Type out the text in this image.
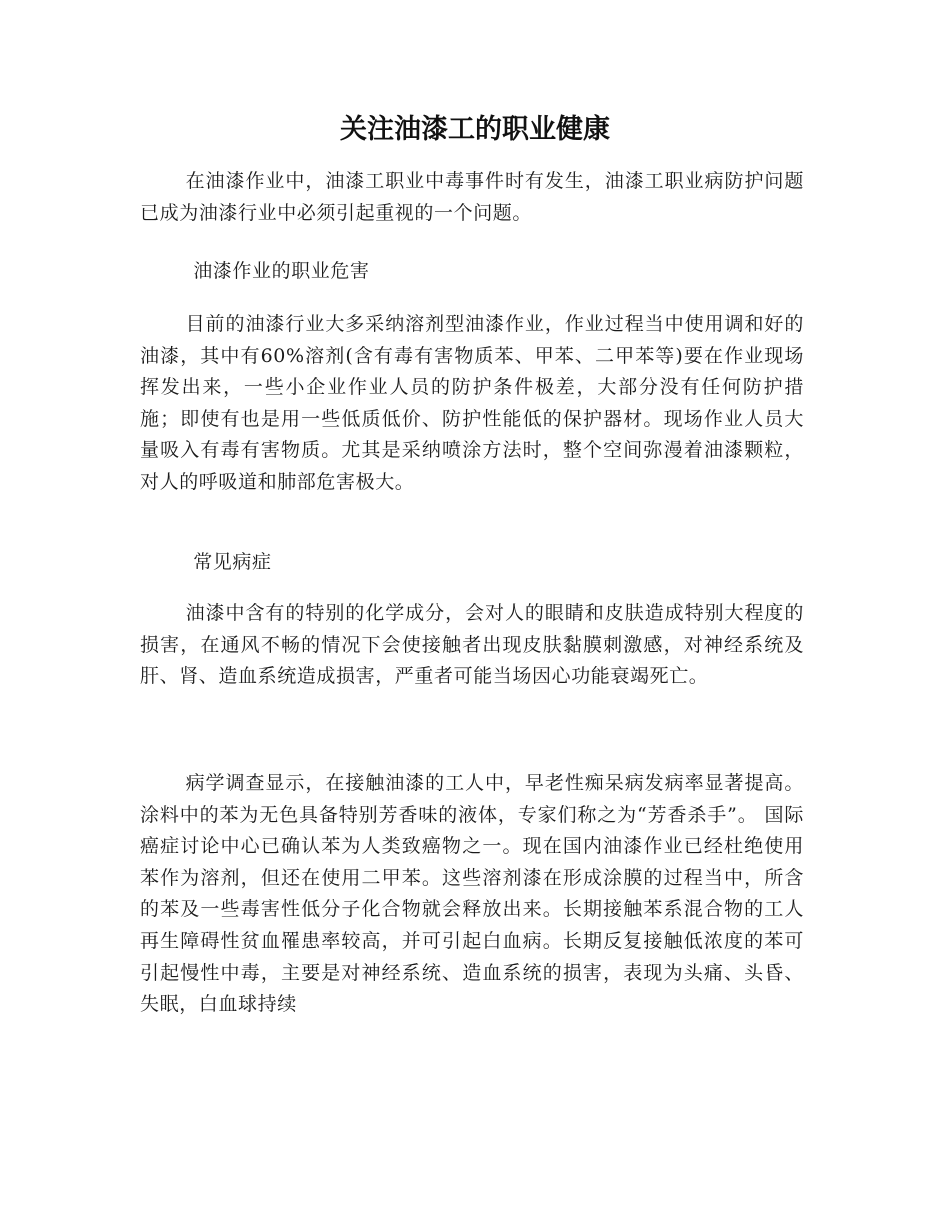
关注油漆工的职业健康

在油漆作业中，油漆工职业中毒事件时有发生，油漆工职业病防护问题已成为油漆行业中必须引起重视的一个问题。

油漆作业的职业危害

目前的油漆行业大多采纳溶剂型油漆作业，作业过程当中使用调和好的油漆，其中有60%溶剂(含有毒有害物质苯、甲苯、二甲苯等)要在作业现场挥发出来，一些小企业作业人员的防护条件极差，大部分没有任何防护措施；即使有也是用一些低质低价、防护性能低的保护器材。现场作业人员大量吸入有毒有害物质。尤其是采纳喷涂方法时，整个空间弥漫着油漆颗粒，对人的呼吸道和肺部危害极大。

常见病症

油漆中含有的特别的化学成分，会对人的眼睛和皮肤造成特别大程度的损害，在通风不畅的情况下会使接触者出现皮肤黏膜刺激感，对神经系统及肝、肾、造血系统造成损害，严重者可能当场因心功能衰竭死亡。

病学调查显示，在接触油漆的工人中，早老性痴呆病发病率显著提高。涂料中的苯为无色具备特别芳香味的液体，专家们称之为“芳香杀手”。 国际癌症讨论中心已确认苯为人类致癌物之一。现在国内油漆作业已经杜绝使用苯作为溶剂，但还在使用二甲苯。这些溶剂漆在形成涂膜的过程当中，所含的苯及一些毒害性低分子化合物就会释放出来。长期接触苯系混合物的工人再生障碍性贫血罹患率较高，并可引起白血病。长期反复接触低浓度的苯可引起慢性中毒，主要是对神经系统、造血系统的损害，表现为头痛、头昏、失眠，白血球持续
